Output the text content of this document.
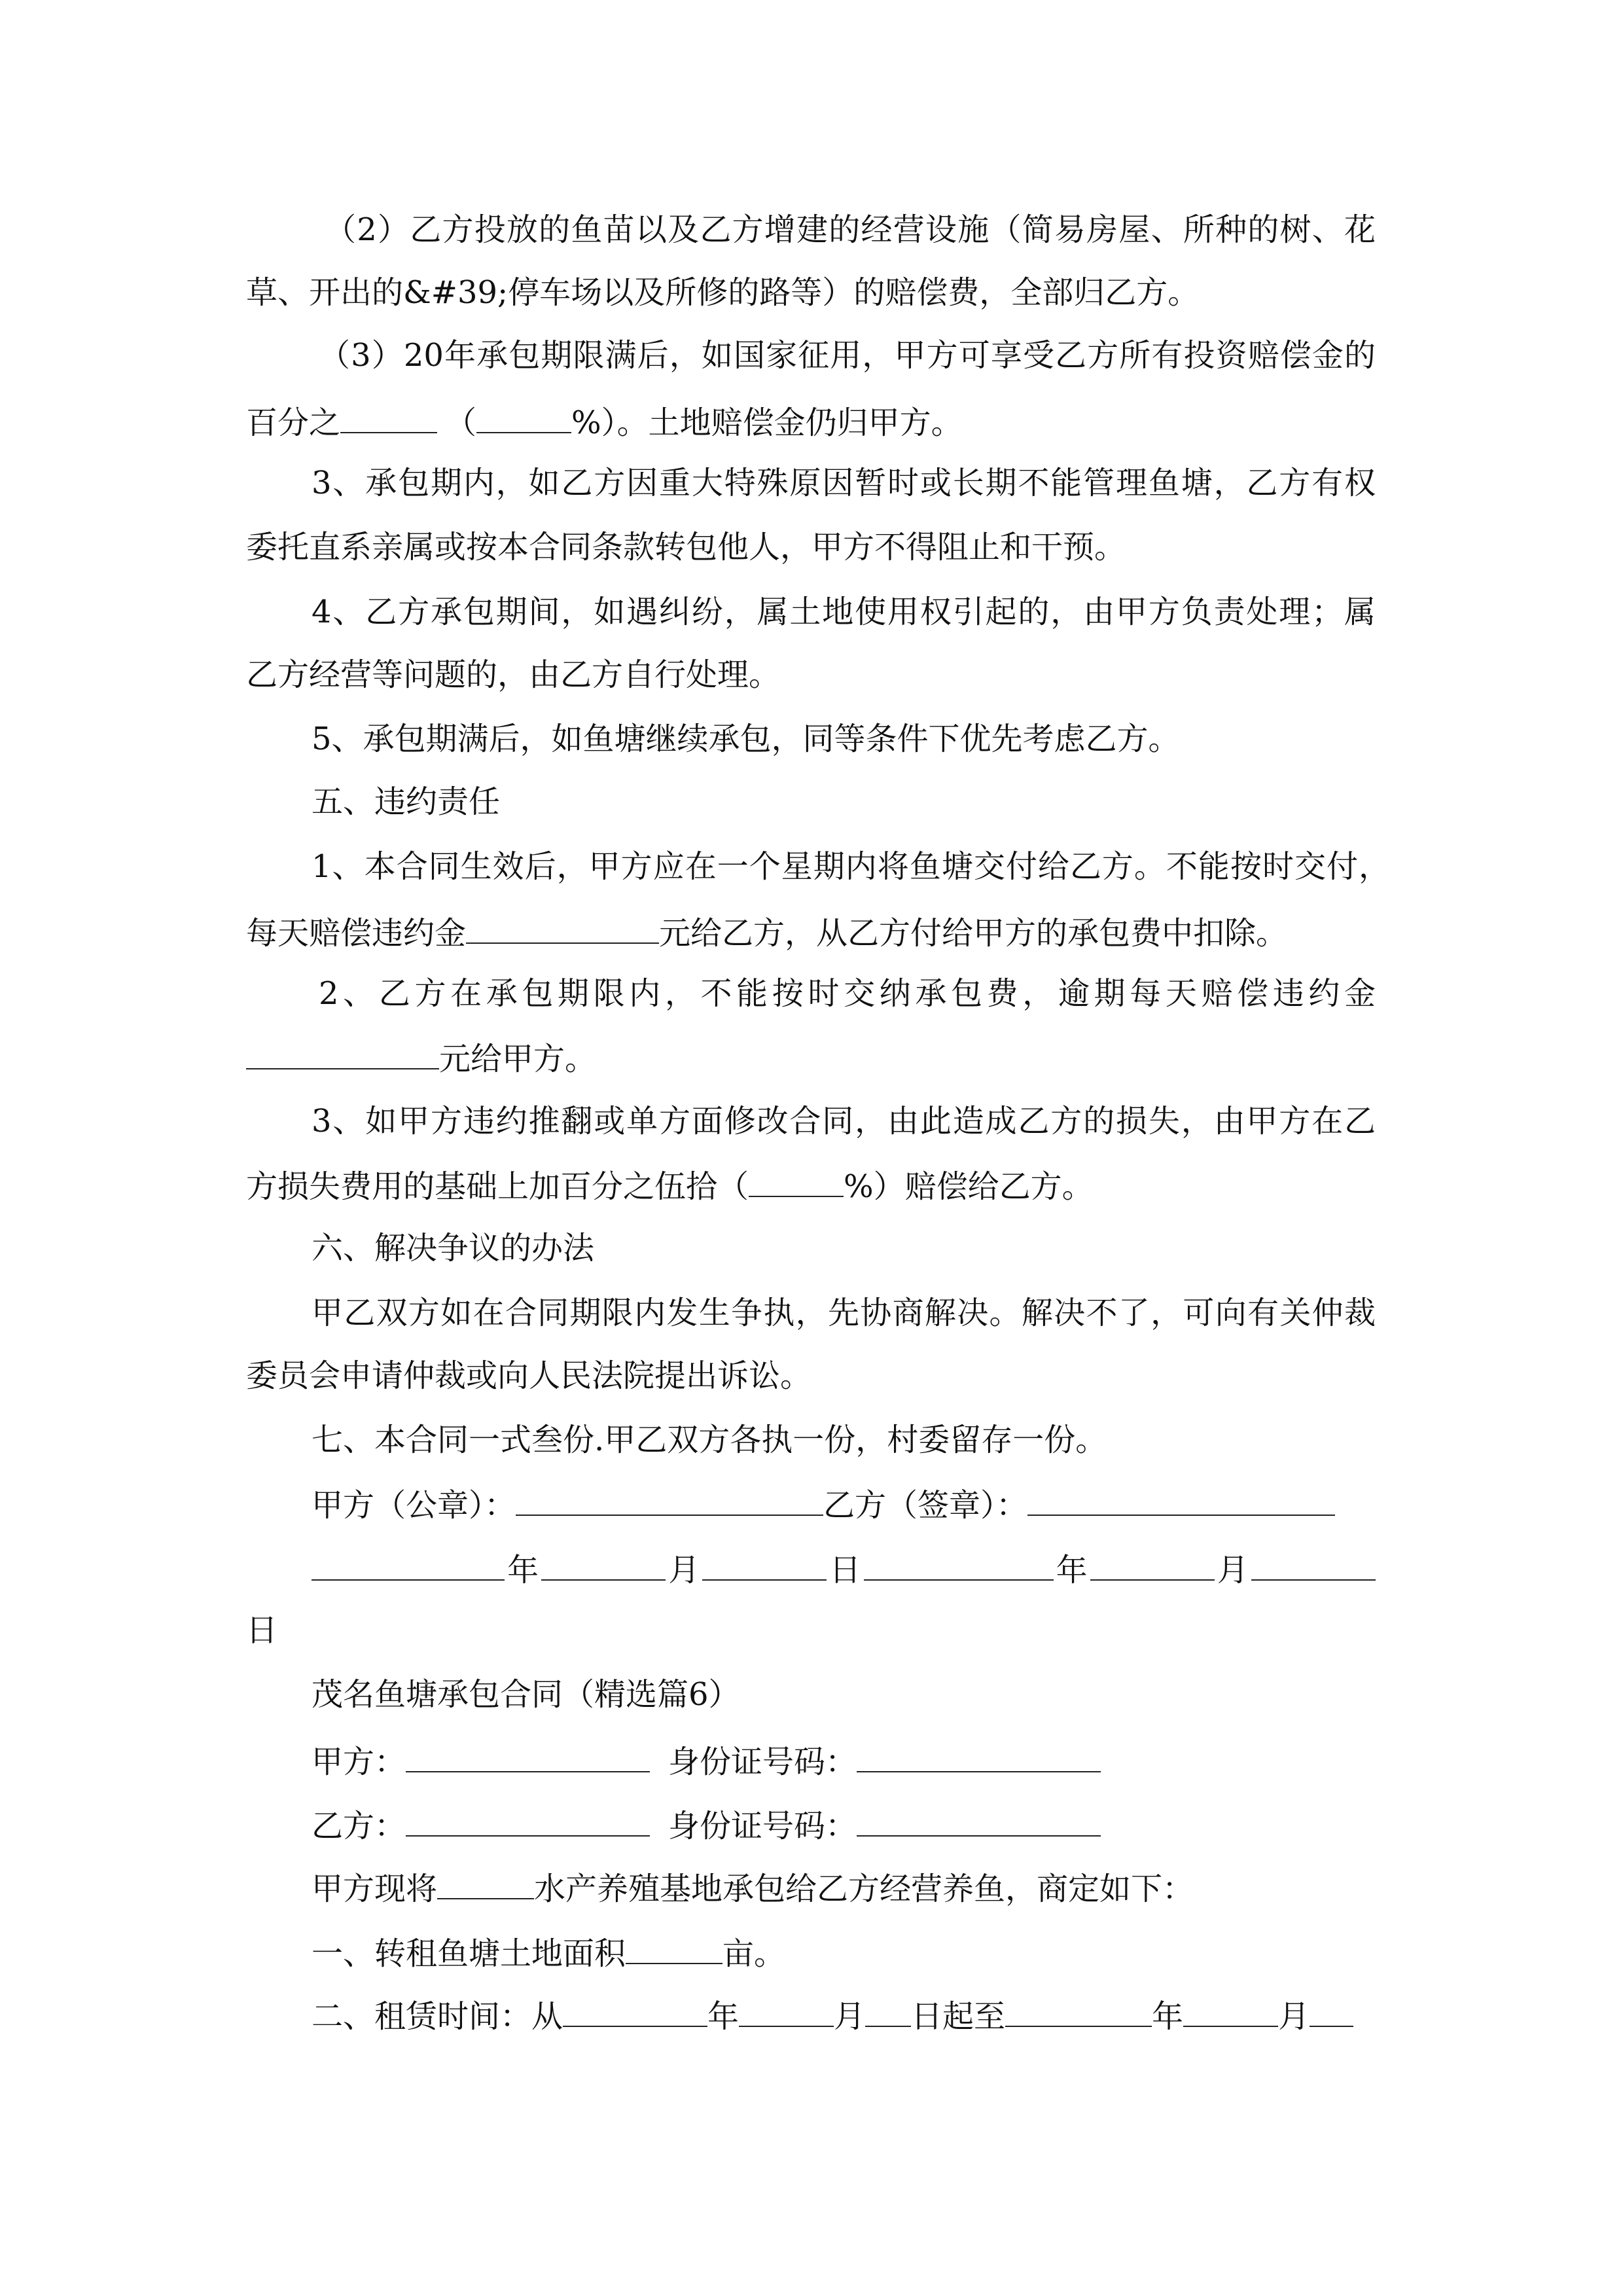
（2）乙方投放的鱼苗以及乙方增建的经营设施（简易房屋、所种的树、花
草、开出的&#39;停车场以及所修的路等）的赔偿费，全部归乙方。
（3）20年承包期限满后，如国家征用，甲方可享受乙方所有投资赔偿金的
百分之	（	%）。土地赔偿金仍归甲方。
3、承包期内，如乙方因重大特殊原因暂时或长期不能管理鱼塘，乙方有权
委托直系亲属或按本合同条款转包他人，甲方不得阻止和干预。
4、乙方承包期间，如遇纠纷，属土地使用权引起的，由甲方负责处理；属
乙方经营等问题的，由乙方自行处理。
5、承包期满后，如鱼塘继续承包，同等条件下优先考虑乙方。
五、违约责任
1、本合同生效后，甲方应在一个星期内将鱼塘交付给乙方。不能按时交付，
每天赔偿违约金	元给乙方，从乙方付给甲方的承包费中扣除。
2、乙方在承包期限内，不能按时交纳承包费，逾期每天赔偿违约金
元给甲方。
3、如甲方违约推翻或单方面修改合同，由此造成乙方的损失，由甲方在乙
方损失费用的基础上加百分之伍拾（	%）赔偿给乙方。
六、解决争议的办法
甲乙双方如在合同期限内发生争执，先协商解决。解决不了，可向有关仲裁
委员会申请仲裁或向人民法院提出诉讼。
七、本合同一式叁份.甲乙双方各执一份，村委留存一份。
甲方（公章）：	乙方（签章）：
年	月	日	年	月
日
茂名鱼塘承包合同（精选篇6）
甲方：	身份证号码：
乙方：	身份证号码：
甲方现将	水产养殖基地承包给乙方经营养鱼，商定如下：
一、转租鱼塘土地面积	亩。
二、租赁时间：从	年	月 日起至	年	月
